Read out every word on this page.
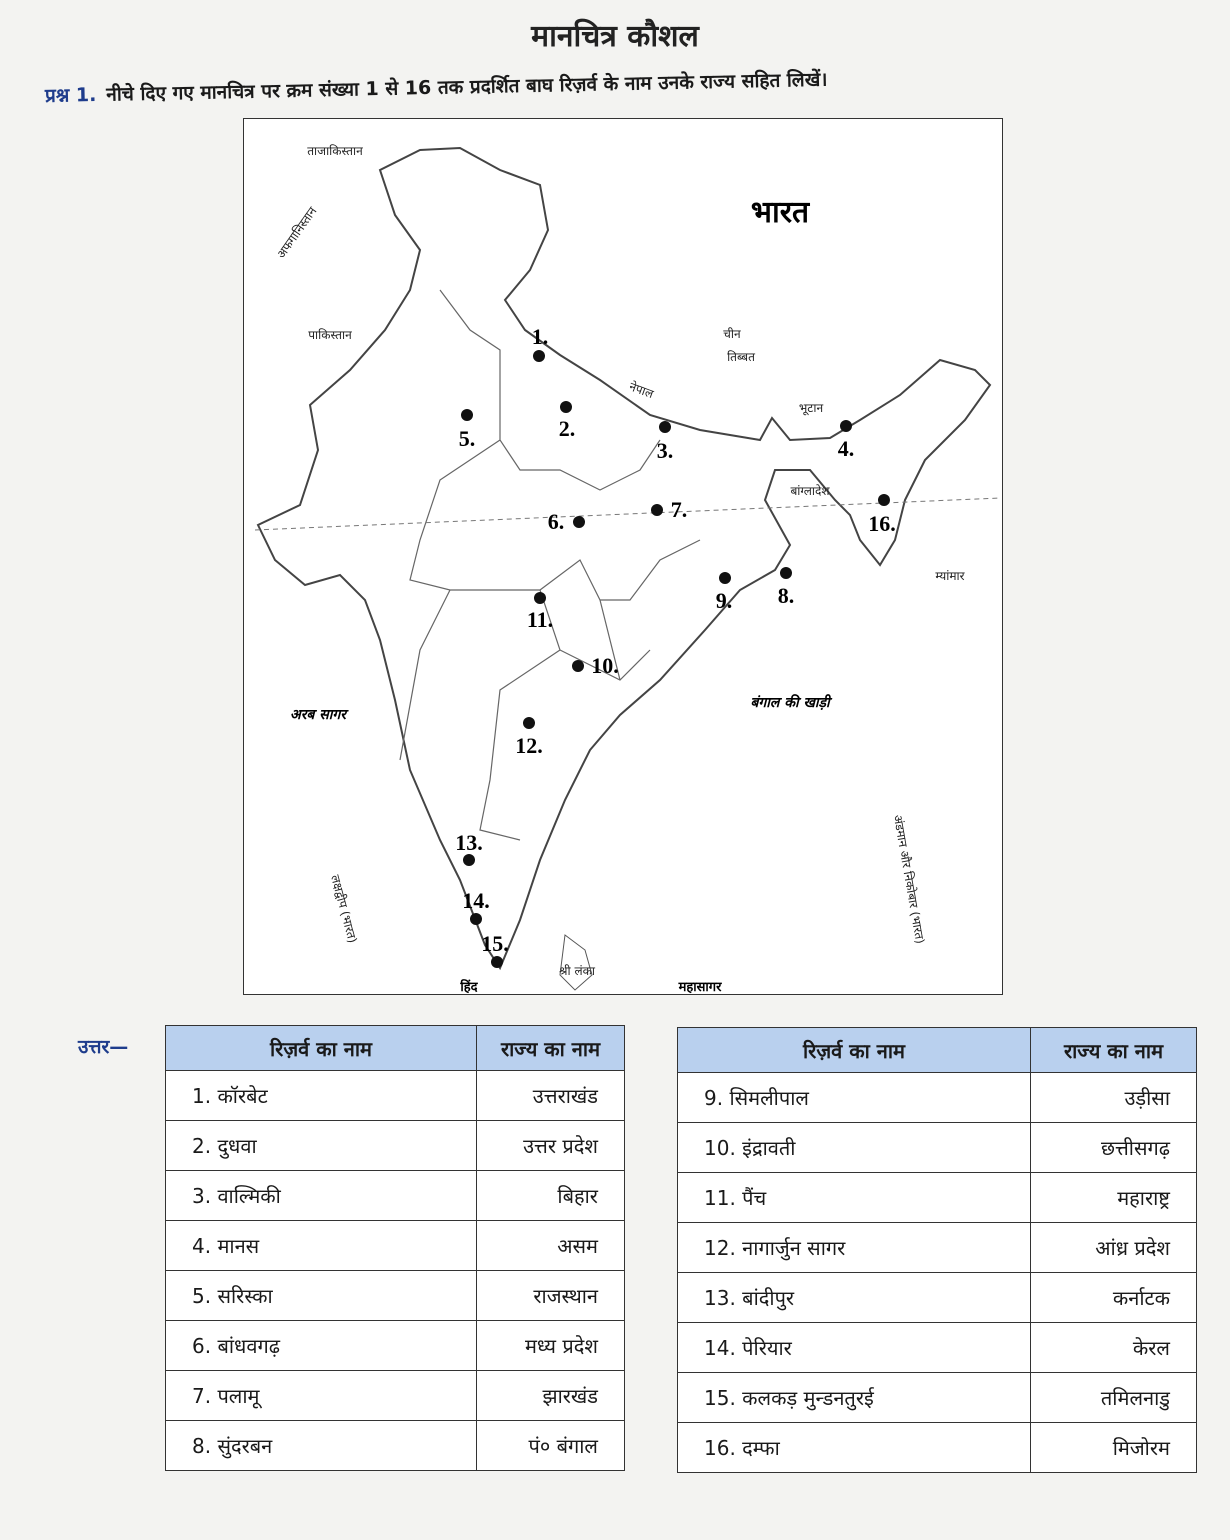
मानचित्र कौशल
प्रश्न 1. नीचे दिए गए मानचित्र पर क्रम संख्या 1 से 16 तक प्रदर्शित बाघ रिज़र्व के नाम उनके राज्य सहित लिखें।
भारत
ताजाकिस्तान
अफगानिस्तान
पाकिस्तान	चीन
तिब्बत
नेपाल
भूटान
बांग्लादेश
म्यांमार
अरब सागर
बंगाल की खाड़ी
हिंद	महासागर
श्री लंका
लक्षद्वीप (भारत)	अंडमान और निकोबार (भारत)
1.
2.
3.	4.
5.
6.	7.
8.
9.
10.
11.
12.
13.
14.
15.
16.
उत्तर—	रिज़र्व का नाम	राज्य का नाम
1. कॉरबेट	उत्तराखंड
2. दुधवा	उत्तर प्रदेश
3. वाल्मिकी	बिहार
4. मानस	असम
5. सरिस्का	राजस्थान
6. बांधवगढ़	मध्य प्रदेश
7. पलामू	झारखंड
8. सुंदरबन	पं० बंगाल
रिज़र्व का नाम	राज्य का नाम
9. सिमलीपाल	उड़ीसा
10. इंद्रावती	छत्तीसगढ़
11. पैंच	महाराष्ट्र
12. नागार्जुन सागर	आंध्र प्रदेश
13. बांदीपुर	कर्नाटक
14. पेरियार	केरल
15. कलकड़ मुन्डनतुरई	तमिलनाडु
16. दम्फा	मिजोरम
